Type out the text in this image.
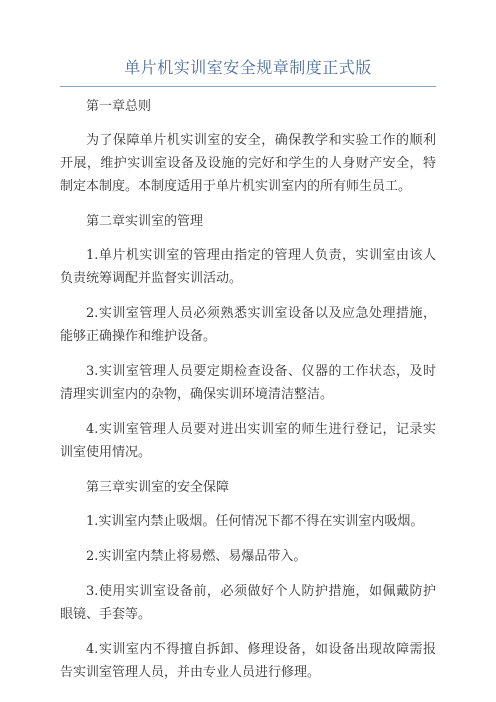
单片机实训室安全规章制度正式版

第一章总则

为了保障单片机实训室的安全，确保教学和实验工作的顺利开展，维护实训室设备及设施的完好和学生的人身财产安全，特制定本制度。本制度适用于单片机实训室内的所有师生员工。

第二章实训室的管理

1.单片机实训室的管理由指定的管理人负责，实训室由该人负责统筹调配并监督实训活动。

2.实训室管理人员必须熟悉实训室设备以及应急处理措施，能够正确操作和维护设备。

3.实训室管理人员要定期检查设备、仪器的工作状态，及时清理实训室内的杂物，确保实训环境清洁整洁。

4.实训室管理人员要对进出实训室的师生进行登记，记录实训室使用情况。

第三章实训室的安全保障

1.实训室内禁止吸烟。任何情况下都不得在实训室内吸烟。

2.实训室内禁止将易燃、易爆品带入。

3.使用实训室设备前，必须做好个人防护措施，如佩戴防护眼镜、手套等。

4.实训室内不得擅自拆卸、修理设备，如设备出现故障需报告实训室管理人员，并由专业人员进行修理。
